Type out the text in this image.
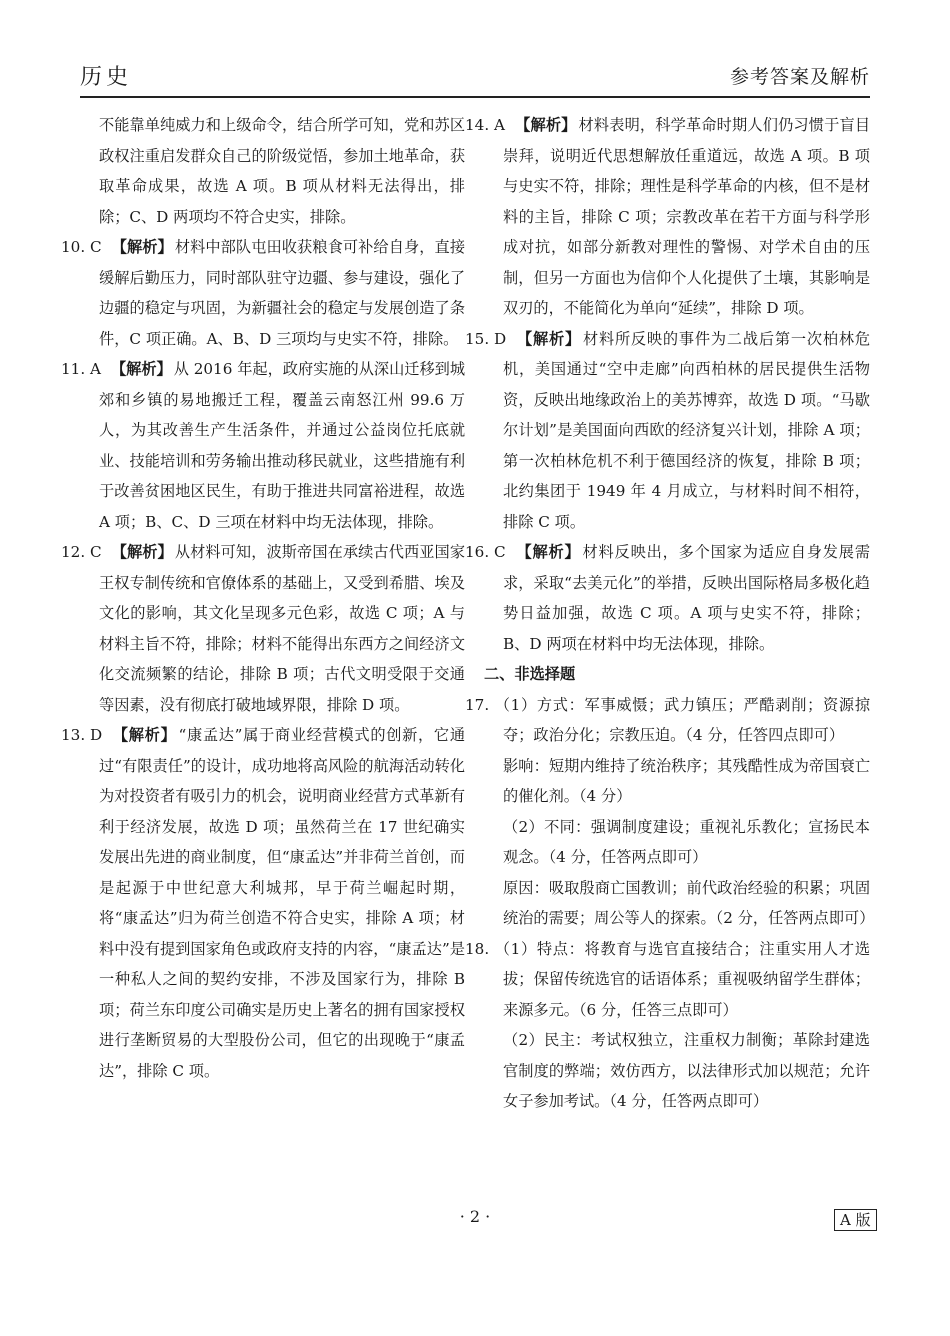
历史	参考答案及解析

不能靠单纯威力和上级命令，结合所学可知，党和苏区政权注重启发群众自己的阶级觉悟，参加土地革命，获取革命成果，故选 A 项。B 项从材料无法得出，排除；C、D 两项均不符合史实，排除。

10. C 【解析】 材料中部队屯田收获粮食可补给自身，直接缓解后勤压力，同时部队驻守边疆、参与建设，强化了边疆的稳定与巩固，为新疆社会的稳定与发展创造了条件，C 项正确。A、B、D 三项均与史实不符，排除。

11. A 【解析】 从 2016 年起，政府实施的从深山迁移到城郊和乡镇的易地搬迁工程，覆盖云南怒江州 99.6 万人，为其改善生产生活条件，并通过公益岗位托底就业、技能培训和劳务输出推动移民就业，这些措施有利于改善贫困地区民生，有助于推进共同富裕进程，故选 A 项；B、C、D 三项在材料中均无法体现，排除。

12. C 【解析】 从材料可知，波斯帝国在承续古代西亚国家王权专制传统和官僚体系的基础上，又受到希腊、埃及文化的影响，其文化呈现多元色彩，故选 C 项；A 与材料主旨不符，排除；材料不能得出东西方之间经济文化交流频繁的结论，排除 B 项；古代文明受限于交通等因素，没有彻底打破地域界限，排除 D 项。

13. D 【解析】 “康孟达”属于商业经营模式的创新，它通过“有限责任”的设计，成功地将高风险的航海活动转化为对投资者有吸引力的机会，说明商业经营方式革新有利于经济发展，故选 D 项；虽然荷兰在 17 世纪确实发展出先进的商业制度，但“康孟达”并非荷兰首创，而是起源于中世纪意大利城邦，早于荷兰崛起时期，将“康孟达”归为荷兰创造不符合史实，排除 A 项；材料中没有提到国家角色或政府支持的内容，“康孟达”是一种私人之间的契约安排，不涉及国家行为，排除 B 项；荷兰东印度公司确实是历史上著名的拥有国家授权进行垄断贸易的大型股份公司，但它的出现晚于“康孟达”，排除 C 项。

14. A 【解析】 材料表明，科学革命时期人们仍习惯于盲目崇拜，说明近代思想解放任重道远，故选 A 项。B 项与史实不符，排除；理性是科学革命的内核，但不是材料的主旨，排除 C 项；宗教改革在若干方面与科学形成对抗，如部分新教对理性的警惕、对学术自由的压制，但另一方面也为信仰个人化提供了土壤，其影响是双刃的，不能简化为单向“延续”，排除 D 项。

15. D 【解析】 材料所反映的事件为二战后第一次柏林危机，美国通过“空中走廊”向西柏林的居民提供生活物资，反映出地缘政治上的美苏博弈，故选 D 项。“马歇尔计划”是美国面向西欧的经济复兴计划，排除 A 项；第一次柏林危机不利于德国经济的恢复，排除 B 项；北约集团于 1949 年 4 月成立，与材料时间不相符，排除 C 项。

16. C 【解析】 材料反映出，多个国家为适应自身发展需求，采取“去美元化”的举措，反映出国际格局多极化趋势日益加强，故选 C 项。A 项与史实不符，排除；B、D 两项在材料中均无法体现，排除。

二、非选择题

17. （1）方式：军事威慑；武力镇压；严酷剥削；资源掠夺；政治分化；宗教压迫。（4 分，任答四点即可）

影响：短期内维持了统治秩序；其残酷性成为帝国衰亡的催化剂。（4 分）

（2）不同：强调制度建设；重视礼乐教化；宣扬民本观念。（4 分，任答两点即可）

原因：吸取殷商亡国教训；前代政治经验的积累；巩固统治的需要；周公等人的探索。（2 分，任答两点即可）

18. （1）特点：将教育与选官直接结合；注重实用人才选拔；保留传统选官的话语体系；重视吸纳留学生群体；来源多元。（6 分，任答三点即可）

（2）民主：考试权独立，注重权力制衡；革除封建选官制度的弊端；效仿西方，以法律形式加以规范；允许女子参加考试。（4 分，任答两点即可）

· 2 ·	A 版
